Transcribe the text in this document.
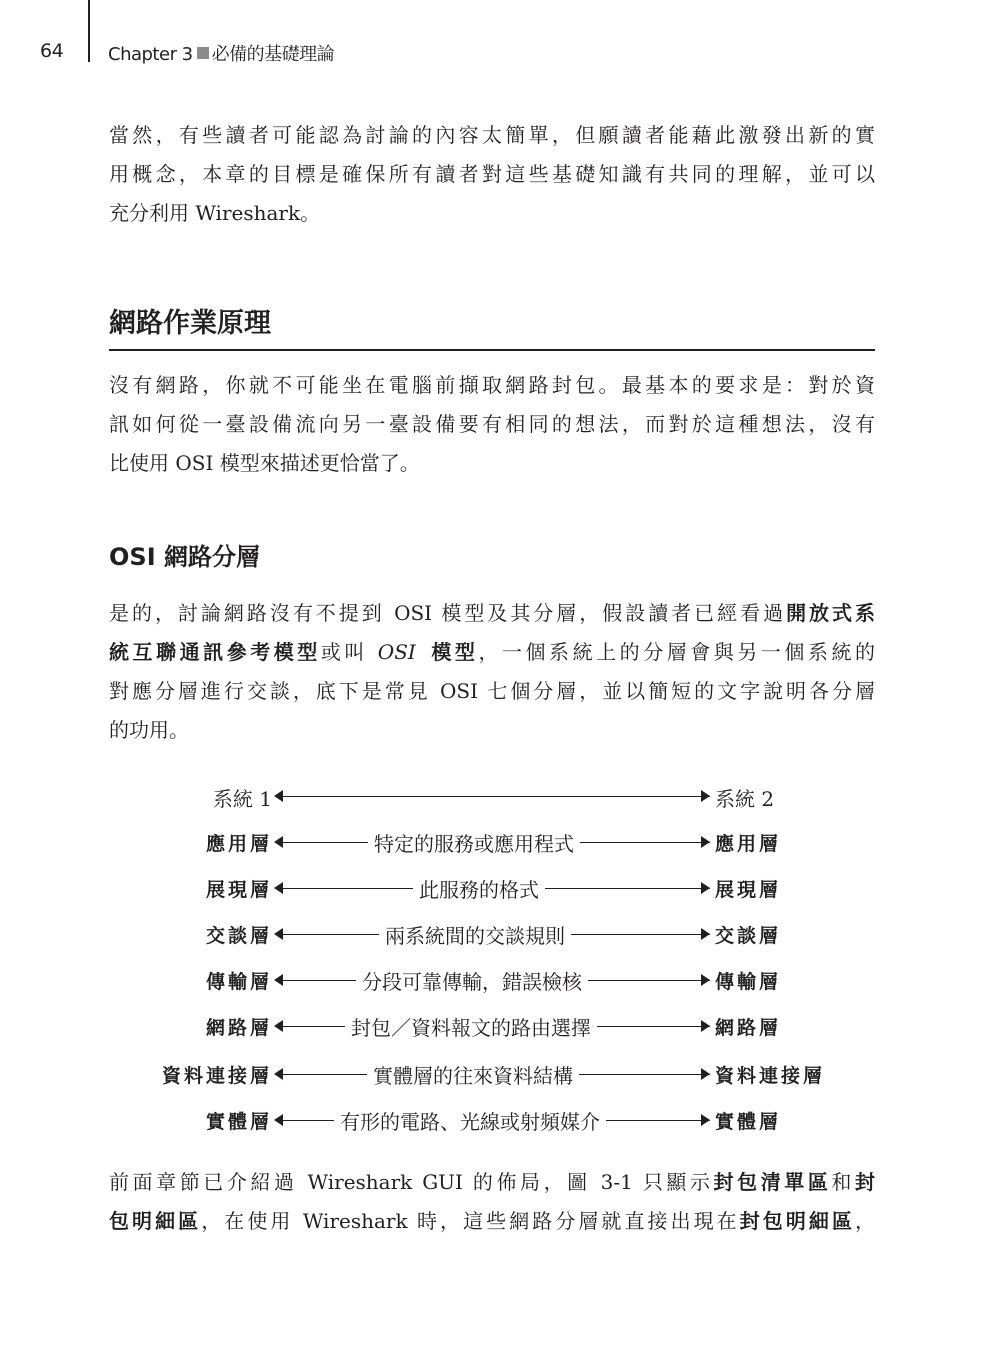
64 Chapter 3 必備的基礎理論

當然，有些讀者可能認為討論的內容太簡單，但願讀者能藉此激發出新的實
用概念，本章的目標是確保所有讀者對這些基礎知識有共同的理解，並可以
充分利用 Wireshark。

網路作業原理

沒有網路，你就不可能坐在電腦前擷取網路封包。最基本的要求是：對於資
訊如何從一臺設備流向另一臺設備要有相同的想法，而對於這種想法，沒有
比使用 OSI 模型來描述更恰當了。

OSI 網路分層

是的，討論網路沒有不提到 OSI 模型及其分層，假設讀者已經看過開放式系
統互聯通訊參考模型或叫 OSI 模型，一個系統上的分層會與另一個系統的
對應分層進行交談，底下是常見 OSI 七個分層，並以簡短的文字說明各分層
的功用。

系統 1	系統 2
應用層	特定的服務或應用程式	應用層
展現層	此服務的格式	展現層
交談層	兩系統間的交談規則	交談層
傳輸層	分段可靠傳輸，錯誤檢核	傳輸層
網路層	封包／資料報文的路由選擇	網路層
資料連接層	實體層的往來資料結構	資料連接層
實體層	有形的電路、光線或射頻媒介	實體層

前面章節已介紹過 Wireshark GUI 的佈局，圖 3-1 只顯示封包清單區和封
包明細區，在使用 Wireshark 時，這些網路分層就直接出現在封包明細區，
